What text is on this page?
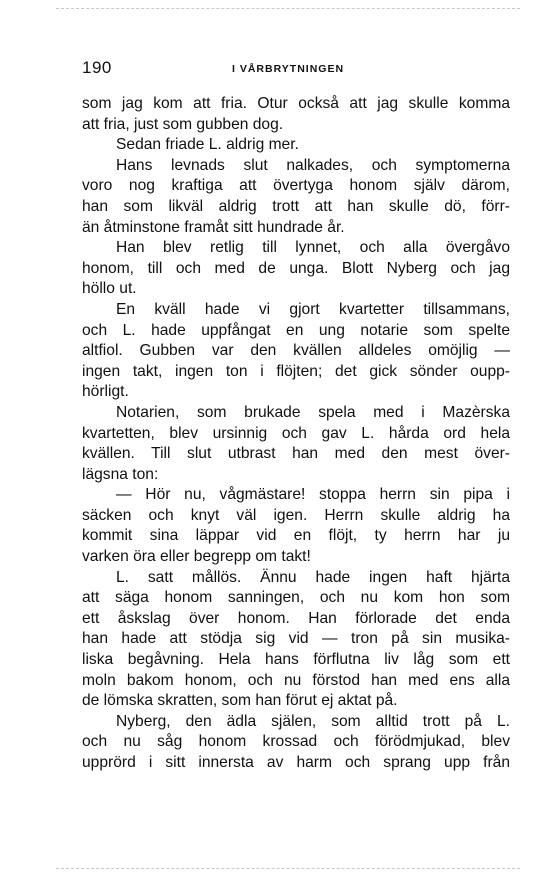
190	I VÅRBRYTNINGEN
som jag kom att fria. Otur också att jag skulle komma
att fria, just som gubben dog.
Sedan friade L. aldrig mer.
Hans levnads slut nalkades, och symptomerna
voro nog kraftiga att övertyga honom själv därom,
han som likväl aldrig trott att han skulle dö, förr-
än åtminstone framåt sitt hundrade år.
Han blev retlig till lynnet, och alla övergåvo
honom, till och med de unga. Blott Nyberg och jag
höllo ut.
En kväll hade vi gjort kvartetter tillsammans,
och L. hade uppfångat en ung notarie som spelte
altfiol. Gubben var den kvällen alldeles omöjlig —
ingen takt, ingen ton i flöjten; det gick sönder oupp-
hörligt.
Notarien, som brukade spela med i Mazèrska
kvartetten, blev ursinnig och gav L. hårda ord hela
kvällen. Till slut utbrast han med den mest över-
lägsna ton:
— Hör nu, vågmästare! stoppa herrn sin pipa i
säcken och knyt väl igen. Herrn skulle aldrig ha
kommit sina läppar vid en flöjt, ty herrn har ju
varken öra eller begrepp om takt!
L. satt mållös. Ännu hade ingen haft hjärta
att säga honom sanningen, och nu kom hon som
ett åskslag över honom. Han förlorade det enda
han hade att stödja sig vid — tron på sin musika-
liska begåvning. Hela hans förflutna liv låg som ett
moln bakom honom, och nu förstod han med ens alla
de lömska skratten, som han förut ej aktat på.
Nyberg, den ädla själen, som alltid trott på L.
och nu såg honom krossad och förödmjukad, blev
upprörd i sitt innersta av harm och sprang upp från
